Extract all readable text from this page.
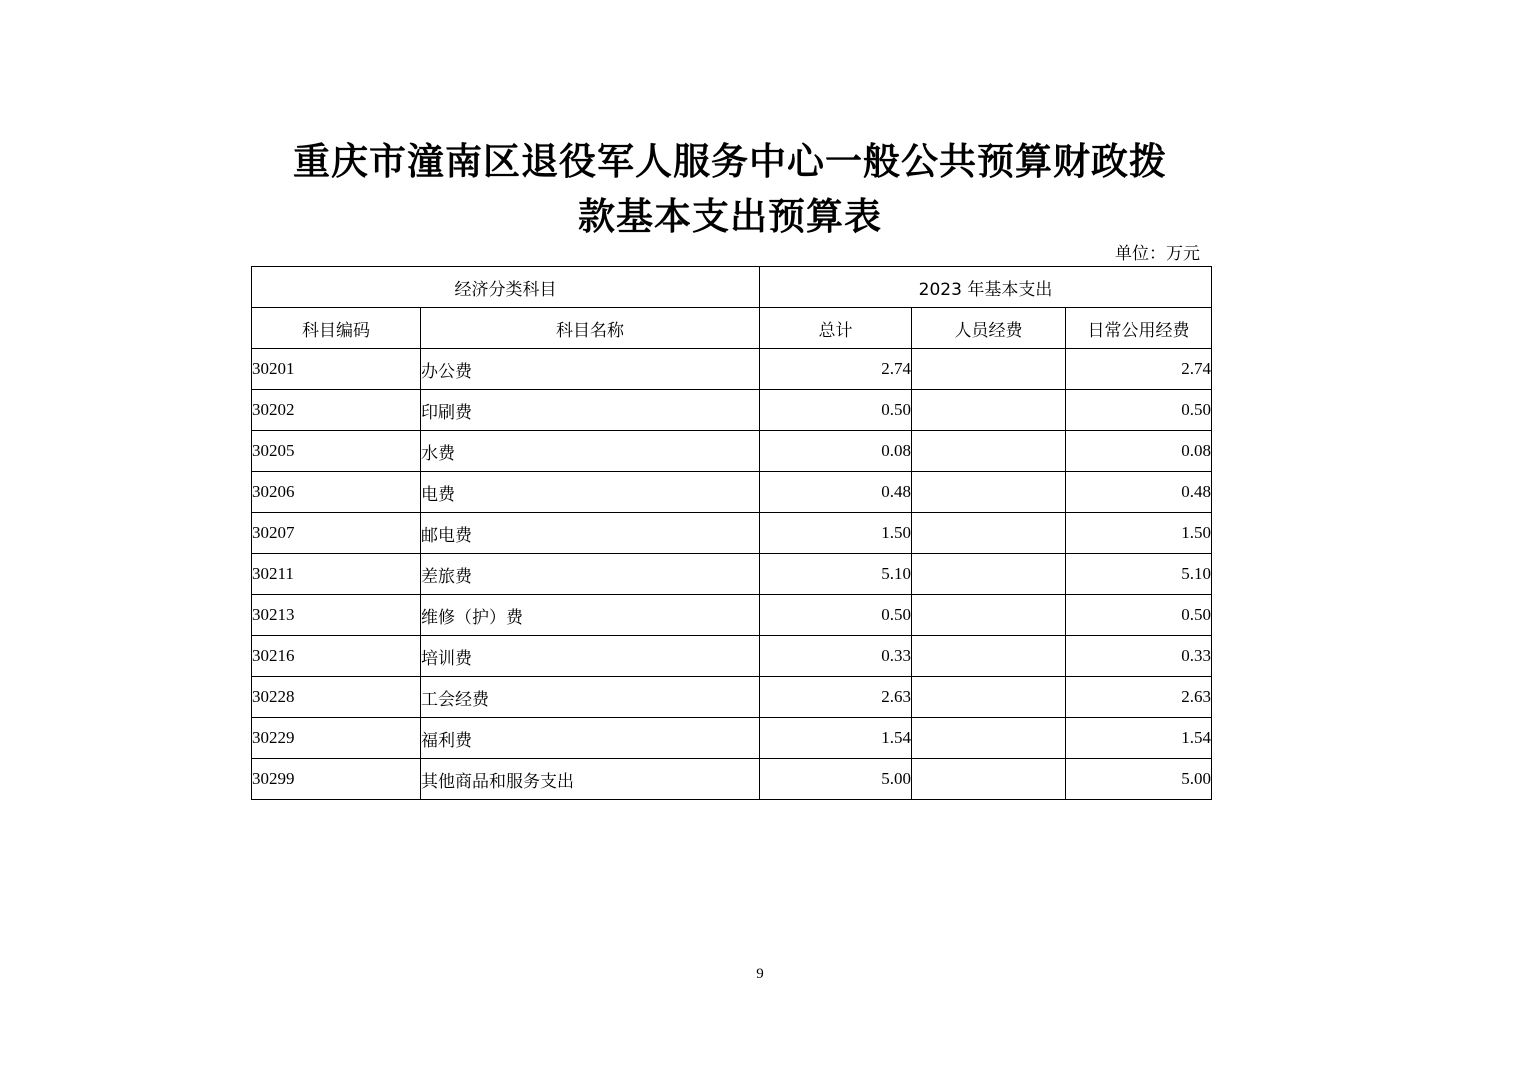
重庆市潼南区退役军人服务中心一般公共预算财政拨
款基本支出预算表
单位：万元
经济分类科目		2023 年基本支出		
科目编码	科目名称	总计	人员经费	日常公用经费
30201	办公费	2.74		2.74
30202	印刷费	0.50		0.50
30205	水费	0.08		0.08
30206	电费	0.48		0.48
30207	邮电费	1.50		1.50
30211	差旅费	5.10		5.10
30213	维修（护）费	0.50		0.50
30216	培训费	0.33		0.33
30228	工会经费	2.63		2.63
30229	福利费	1.54		1.54
30299	其他商品和服务支出	5.00		5.00
9
